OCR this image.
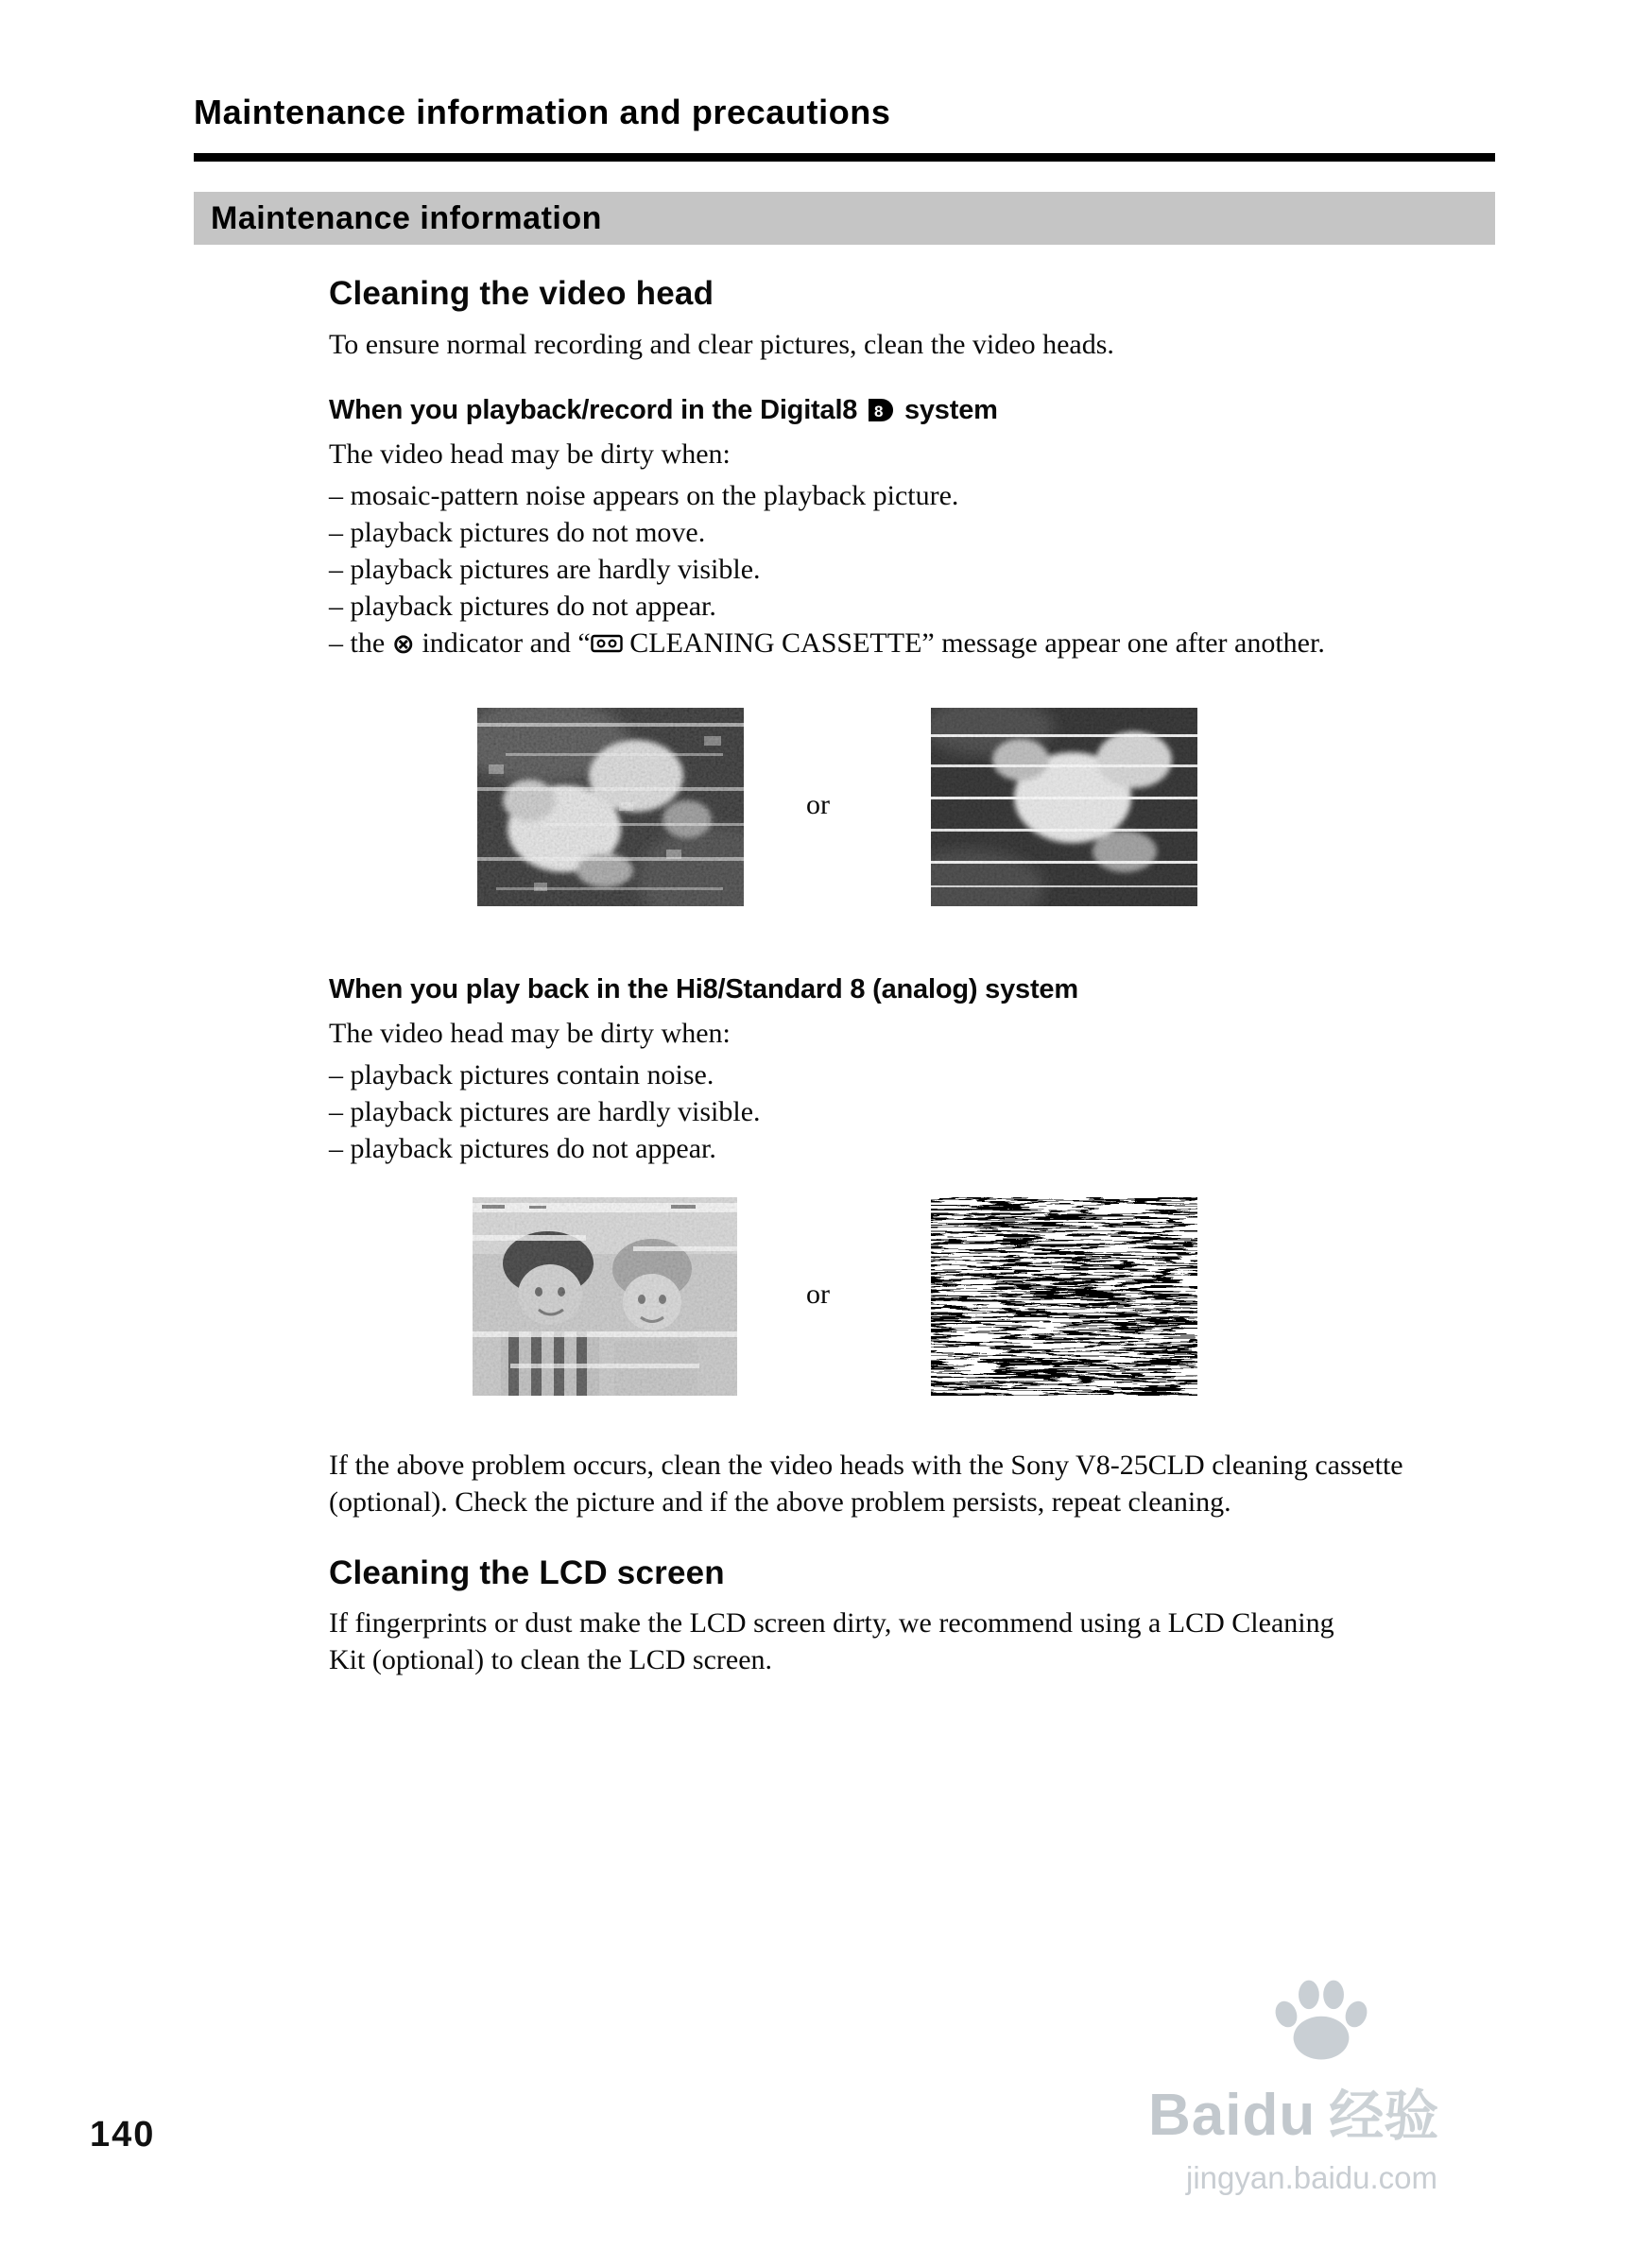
Maintenance information and precautions
Maintenance information
Cleaning the video head

To ensure normal recording and clear pictures, clean the video heads.

When you playback/record in the Digital8 8 system

The video head may be dirty when:

– mosaic-pattern noise appears on the playback picture.
– playback pictures do not move.
– playback pictures are hardly visible.
– playback pictures do not appear.
– the ⊗ indicator and “ CLEANING CASSETTE” message appear one after another.
or
When you play back in the Hi8/Standard 8 (analog) system

The video head may be dirty when:

– playback pictures contain noise.
– playback pictures are hardly visible.
– playback pictures do not appear.
or

If the above problem occurs, clean the video heads with the Sony V8-25CLD cleaning cassette (optional). Check the picture and if the above problem persists, repeat cleaning.

Cleaning the LCD screen

If fingerprints or dust make the LCD screen dirty, we recommend using a LCD Cleaning Kit (optional) to clean the LCD screen.

140	Baidu 经验
jingyan.baidu.com
